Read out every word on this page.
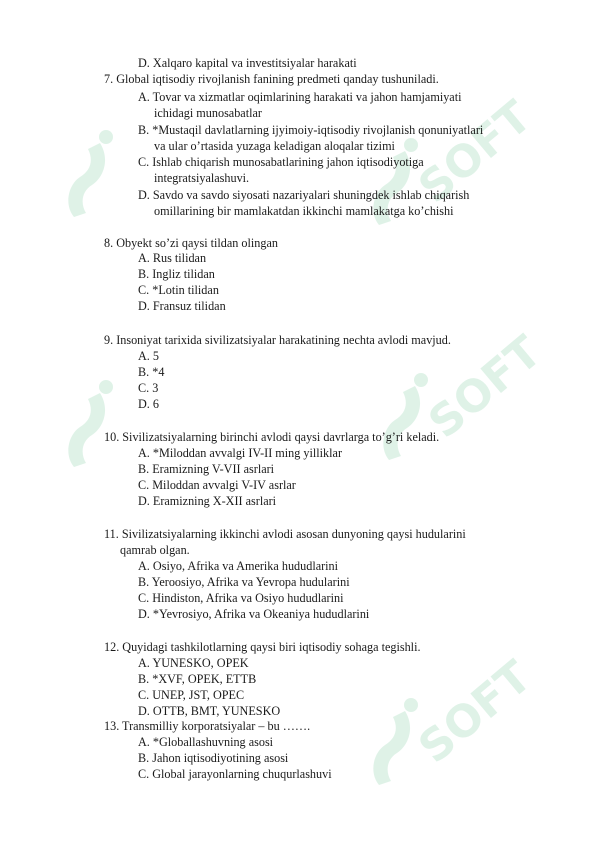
SOFT
SOFT
SOFT
D. Xalqaro kapital va investitsiyalar harakati
7. Global iqtisodiy rivojlanish fanining predmeti qanday tushuniladi.
A. Tovar va xizmatlar oqimlarining harakati va jahon hamjamiyati
ichidagi munosabatlar
B. *Mustaqil davlatlarning ijyimoiy-iqtisodiy rivojlanish qonuniyatlari
va ular o’rtasida yuzaga keladigan aloqalar tizimi
C. Ishlab chiqarish munosabatlarining jahon iqtisodiyotiga
integratsiyalashuvi.
D. Savdo va savdo siyosati nazariyalari shuningdek ishlab chiqarish
omillarining bir mamlakatdan ikkinchi mamlakatga ko’chishi
8. Obyekt so’zi qaysi tildan olingan
A. Rus tilidan
B. Ingliz tilidan
C. *Lotin tilidan
D. Fransuz tilidan
9. Insoniyat tarixida sivilizatsiyalar harakatining nechta avlodi mavjud.
A. 5
B. *4
C. 3
D. 6
10. Sivilizatsiyalarning birinchi avlodi qaysi davrlarga to’g’ri keladi.
A. *Miloddan avvalgi IV-II ming yilliklar
B. Eramizning V-VII asrlari
C. Miloddan avvalgi V-IV asrlar
D. Eramizning X-XII asrlari
11. Sivilizatsiyalarning ikkinchi avlodi asosan dunyoning qaysi hudularini
qamrab olgan.
A. Osiyo, Afrika va Amerika hududlarini
B. Yeroosiyo, Afrika va Yevropa hudularini
C. Hindiston, Afrika va Osiyo hududlarini
D. *Yevrosiyo, Afrika va Okeaniya hududlarini
12. Quyidagi tashkilotlarning qaysi biri iqtisodiy sohaga tegishli.
A. YUNESKO, OPEK
B. *XVF, OPEK, ETTB
C. UNEP, JST, OPEC
D. OTTB, BMT, YUNESKO
13. Transmilliy korporatsiyalar – bu …….
A. *Globallashuvning asosi
B. Jahon iqtisodiyotining asosi
C. Global jarayonlarning chuqurlashuvi
